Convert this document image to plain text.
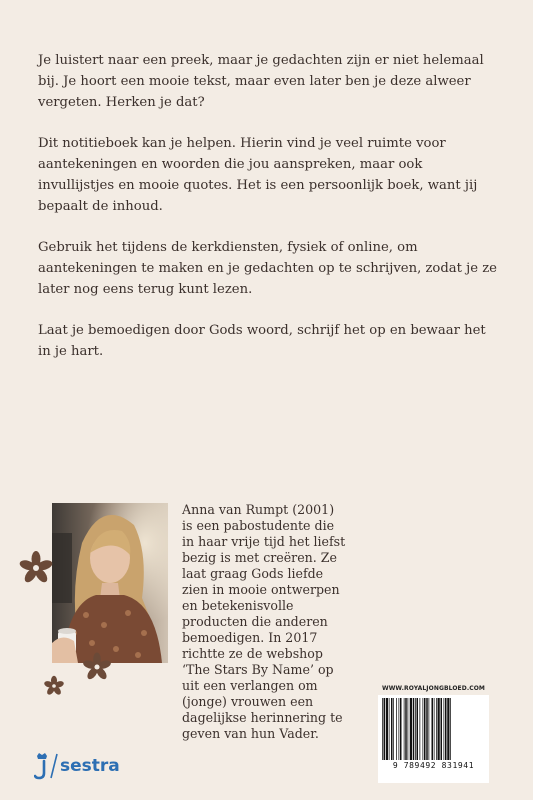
Je luistert naar een preek, maar je gedachten zijn er niet helemaal bij. Je hoort een mooie tekst, maar even later ben je deze alweer vergeten. Herken je dat?

Dit notitieboek kan je helpen. Hierin vind je veel ruimte voor aantekeningen en woorden die jou aanspreken, maar ook invullijstjes en mooie quotes. Het is een persoonlijk boek, want jij bepaalt de inhoud.

Gebruik het tijdens de kerkdiensten, fysiek of online, om aantekeningen te maken en je gedachten op te schrijven, zodat je ze later nog eens terug kunt lezen.

Laat je bemoedigen door Gods woord, schrijf het op en bewaar het in je hart.

Anna van Rumpt (2001) is een pabostudente die in haar vrije tijd het liefst bezig is met creëren. Ze laat graag Gods liefde zien in mooie ontwerpen en betekenisvolle producten die anderen bemoedigen. In 2017 richtte ze de webshop ‘The Stars By Name’ op uit een verlangen om (jonge) vrouwen een dagelijkse herinnering te geven van hun Vader.

WWW.ROYALJONGBLOED.COM
9 789492 831941
sestra
